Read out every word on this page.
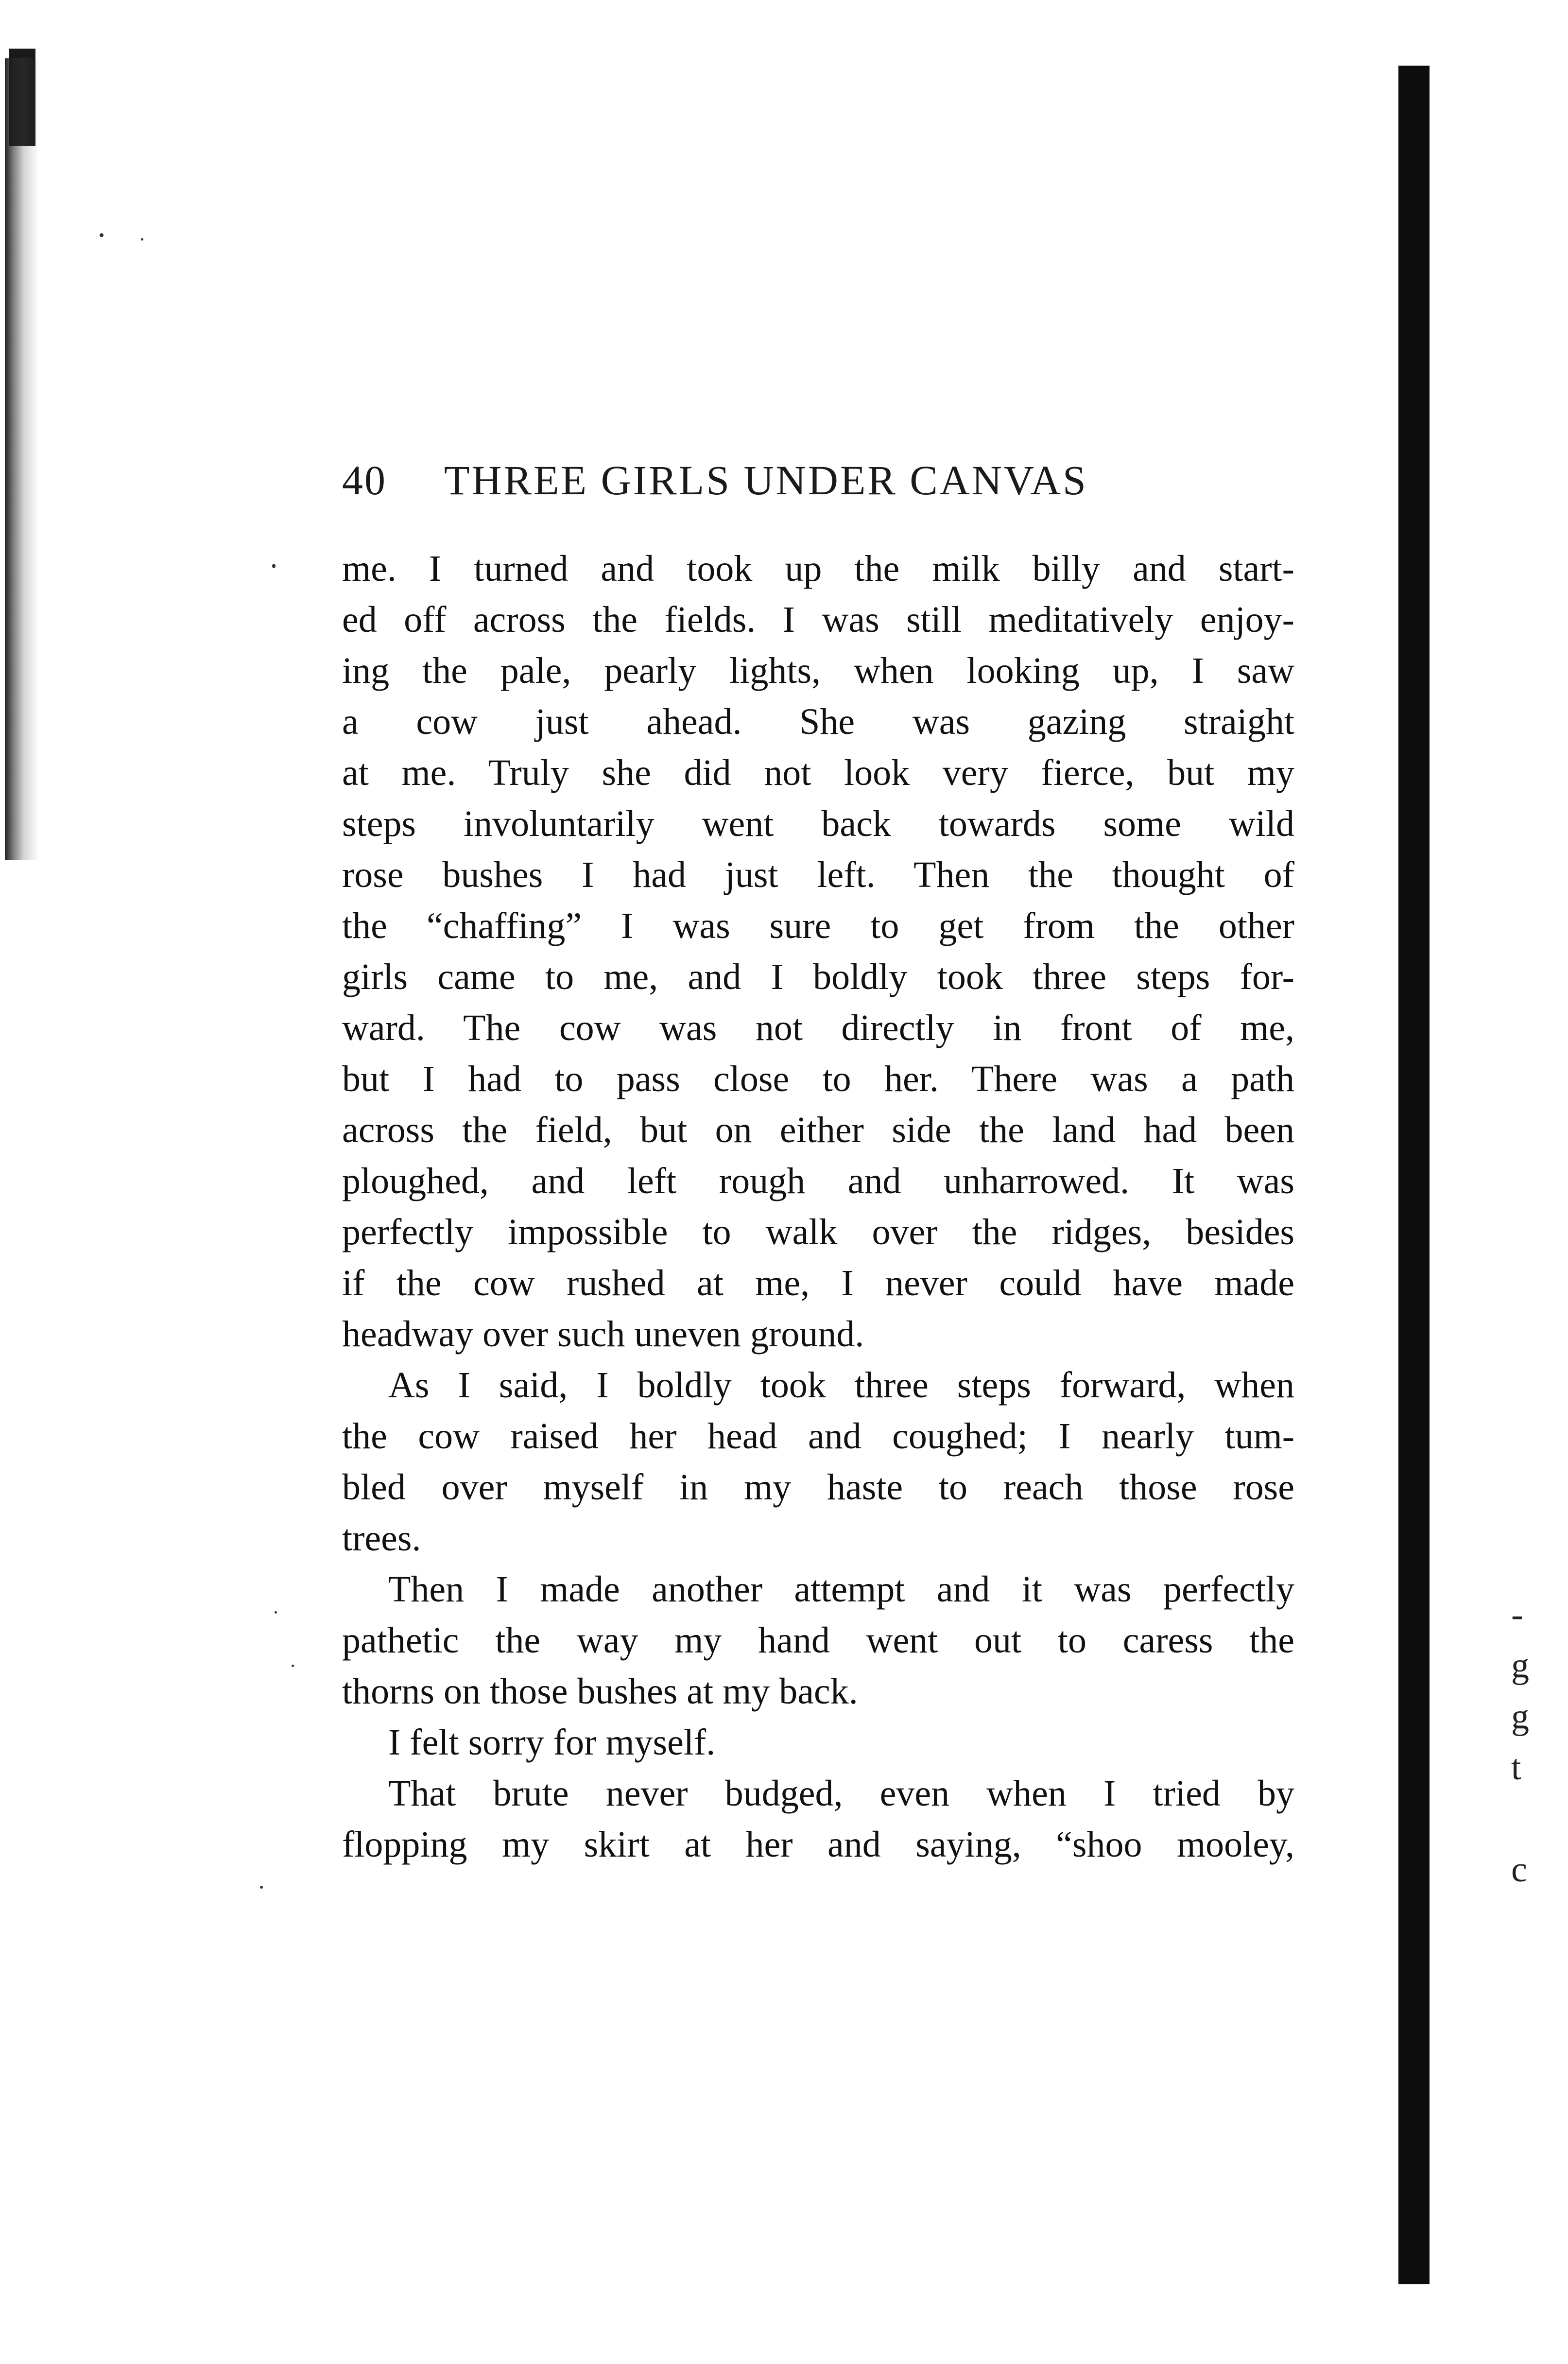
40	THREE GIRLS UNDER CANVAS
me. I turned and took up the milk billy and start-
ed off across the fields. I was still meditatively enjoy-
ing the pale, pearly lights, when looking up, I saw
a cow just ahead. She was gazing straight
at me. Truly she did not look very fierce, but my
steps involuntarily went back towards some wild
rose bushes I had just left. Then the thought of
the “chaffing” I was sure to get from the other
girls came to me, and I boldly took three steps for-
ward. The cow was not directly in front of me,
but I had to pass close to her. There was a path
across the field, but on either side the land had been
ploughed, and left rough and unharrowed. It was
perfectly impossible to walk over the ridges, besides
if the cow rushed at me, I never could have made
headway over such uneven ground.
As I said, I boldly took three steps forward, when
the cow raised her head and coughed; I nearly tum-
bled over myself in my haste to reach those rose
trees.
Then I made another attempt and it was perfectly
pathetic the way my hand went out to caress the
thorns on those bushes at my back.
I felt sorry for myself.
That brute never budged, even when I tried by
flopping my skirt at her and saying, “shoo mooley,
-
g
g
t
c
